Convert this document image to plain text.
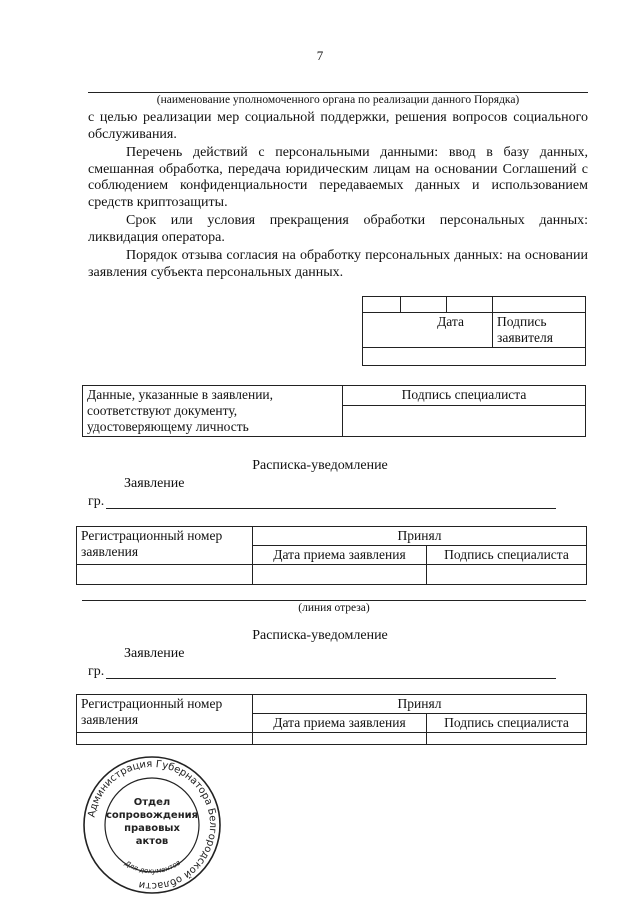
7
(наименование уполномоченного органа по реализации данного Порядка)

с целью реализации мер социальной поддержки, решения вопросов социального обслуживания.

Перечень действий с персональными данными: ввод в базу данных, смешанная обработка, передача юридическим лицам на основании Соглашений с соблюдением конфиденциальности передаваемых данных и использованием средств криптозащиты.

Срок или условия прекращения обработки персональных данных: ликвидация оператора.

Порядок отзыва согласия на обработку персональных данных: на основании заявления субъекта персональных данных.

Дата			Подпись заявителя

Данные, указанные в заявлении, соответствуют документу, удостоверяющему личность	Подпись специалиста

Расписка-уведомление
Заявление
гр.
Регистрационный номер заявления	Принял	
	Дата приема заявления	Подпись специалиста

(линия отреза)
Расписка-уведомление
Заявление
гр.
Регистрационный номер заявления	Принял	
	Дата приема заявления	Подпись специалиста

Администрация Губернатора Белгородской области
Для документов
Отдел
сопровождения
правовых
актов
